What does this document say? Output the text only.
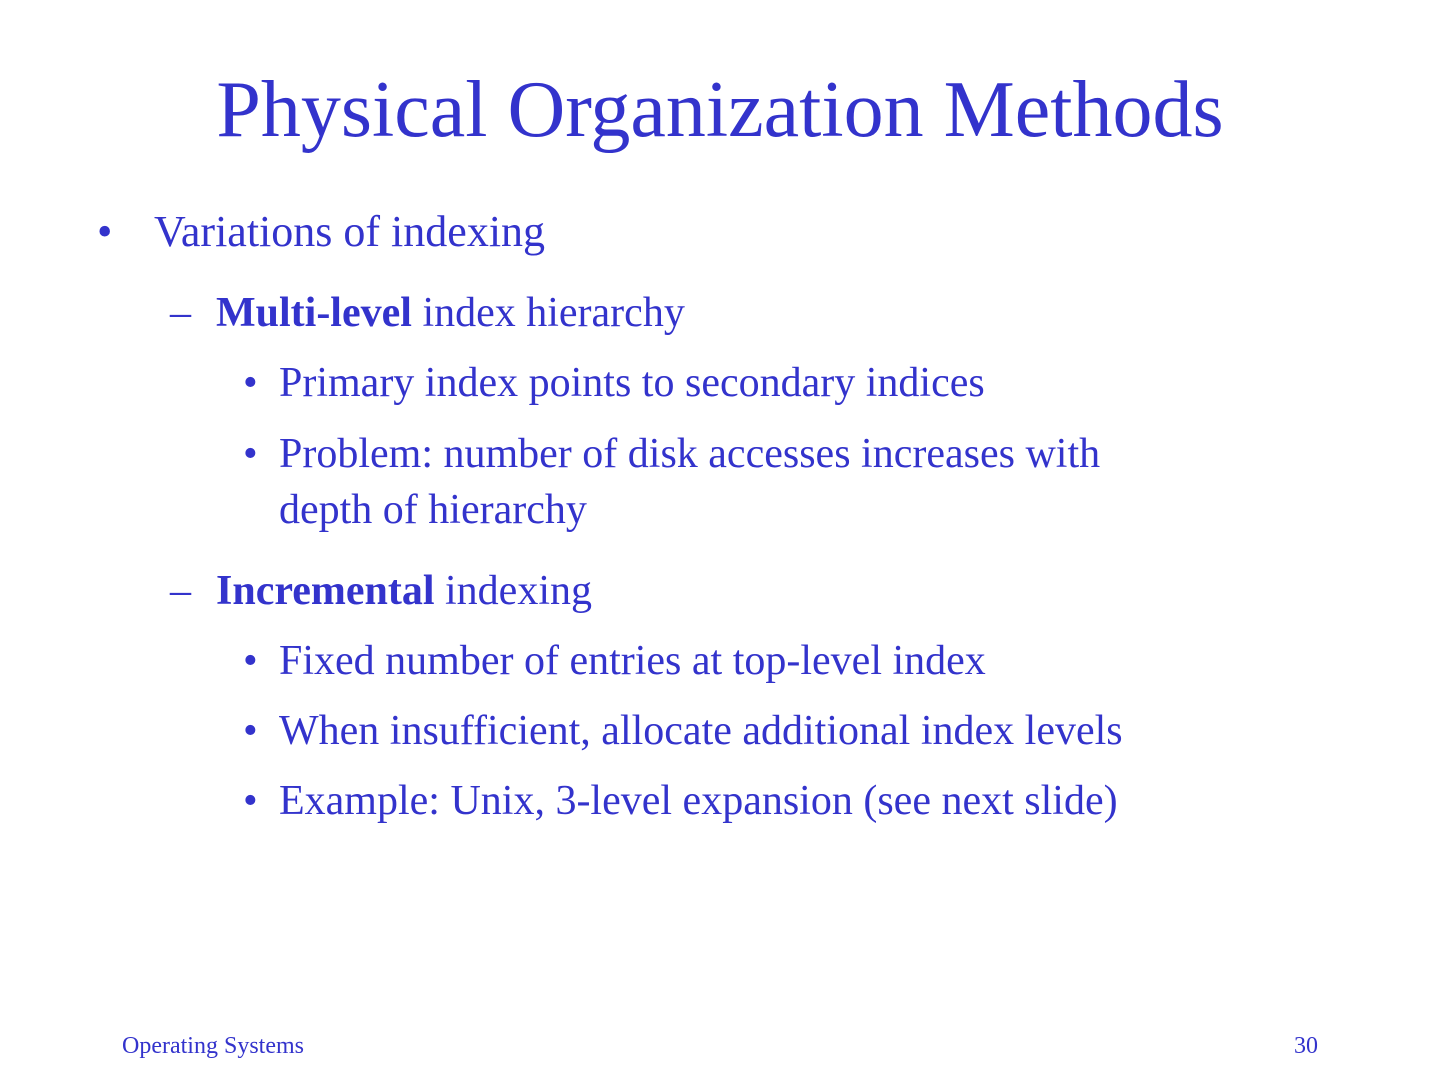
Physical Organization Methods
• Variations of indexing
– Multi-level index hierarchy
• Primary index points to secondary indices
• Problem: number of disk accesses increases with
depth of hierarchy
– Incremental indexing
• Fixed number of entries at top-level index
• When insufficient, allocate additional index levels
• Example: Unix, 3-level expansion (see next slide)
Operating Systems	30
